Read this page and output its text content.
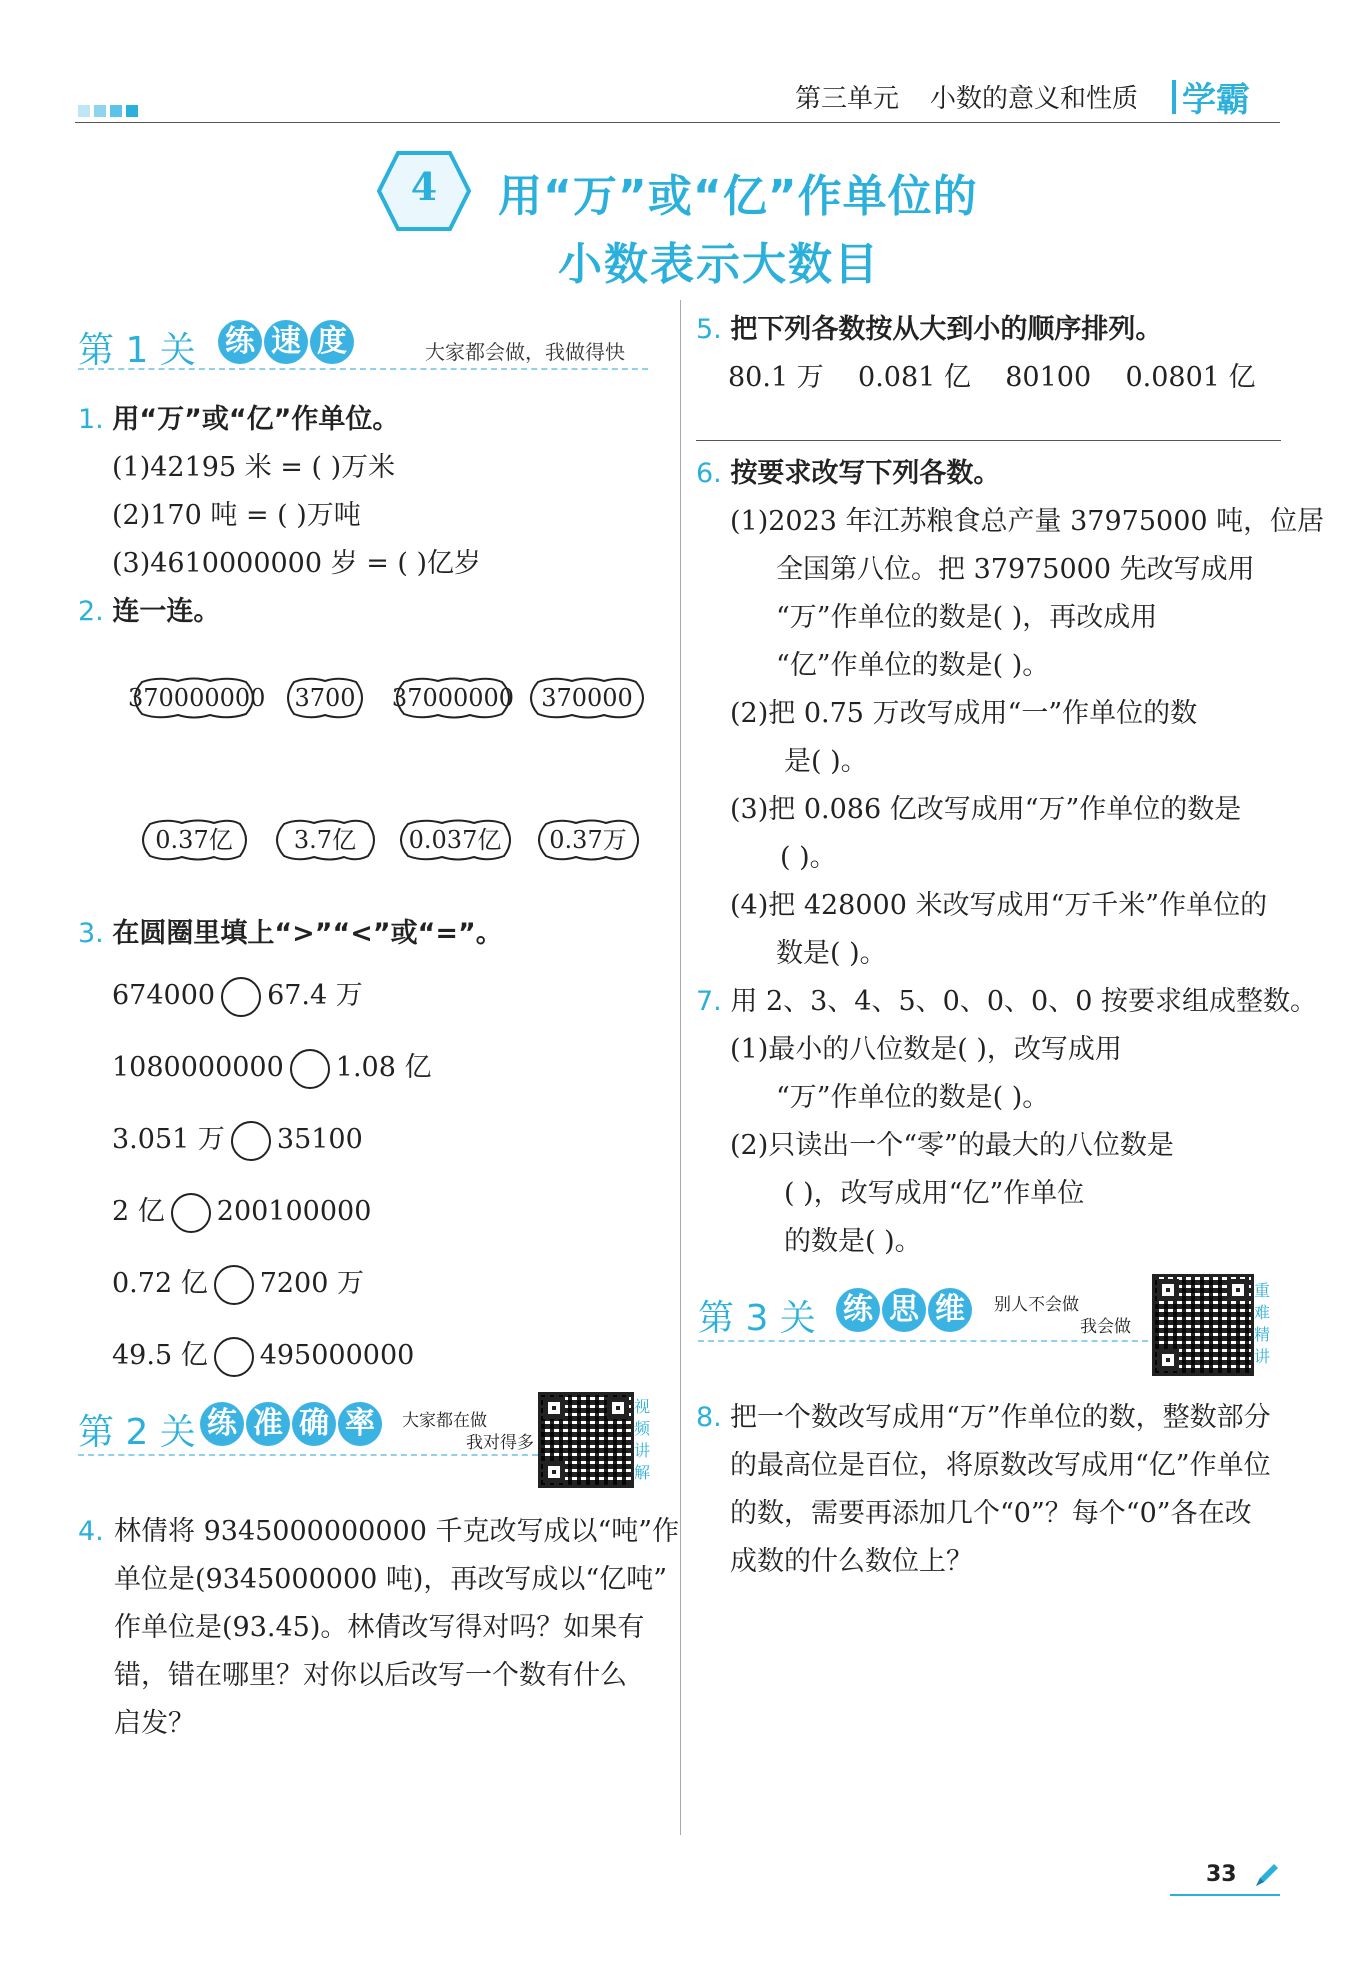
第三单元 小数的意义和性质 学霸
4	用“万”或“亿”作单位的
小数表示大数目
第 1 关 练 速 度	大家都会做，我做得快
1. 用“万”或“亿”作单位。
(1)42195 米 = ( )万米
(2)170 吨 = ( )万吨
(3)4610000000 岁 = ( )亿岁
2. 连一连。
370000000	3700	37000000	370000
0.37亿	3.7亿	0.037亿	0.37万
3. 在圆圈里填上“>”“<”或“=”。
674000 67.4 万
1080000000 1.08 亿
3.051 万 35100
2 亿 200100000
0.72 亿 7200 万
49.5 亿 495000000
第 2 关 练 准 确 率	大家都在做
我对得多
视
频
讲
解
4. 林倩将 9345000000000 千克改写成以“吨”作
单位是(9345000000 吨)，再改写成以“亿吨”
作单位是(93.45)。林倩改写得对吗？如果有
错，错在哪里？对你以后改写一个数有什么
启发？
5. 把下列各数按从大到小的顺序排列。
80.1 万    0.081 亿    80100    0.0801 亿
6. 按要求改写下列各数。
(1)2023 年江苏粮食总产量 37975000 吨，位居
全国第八位。把 37975000 先改写成用
“万”作单位的数是( )，再改成用
“亿”作单位的数是( )。
(2)把 0.75 万改写成用“一”作单位的数
是( )。
(3)把 0.086 亿改写成用“万”作单位的数是
( )。
(4)把 428000 米改写成用“万千米”作单位的
数是( )。
7. 用 2、3、4、5、0、0、0、0 按要求组成整数。
(1)最小的八位数是( )，改写成用
“万”作单位的数是( )。
(2)只读出一个“零”的最大的八位数是
( )，改写成用“亿”作单位
的数是( )。
第 3 关 练 思 维	别人不会做
我会做
重
难
精
讲
8. 把一个数改写成用“万”作单位的数，整数部分
的最高位是百位，将原数改写成用“亿”作单位
的数，需要再添加几个“0”？每个“0”各在改
成数的什么数位上？
33
